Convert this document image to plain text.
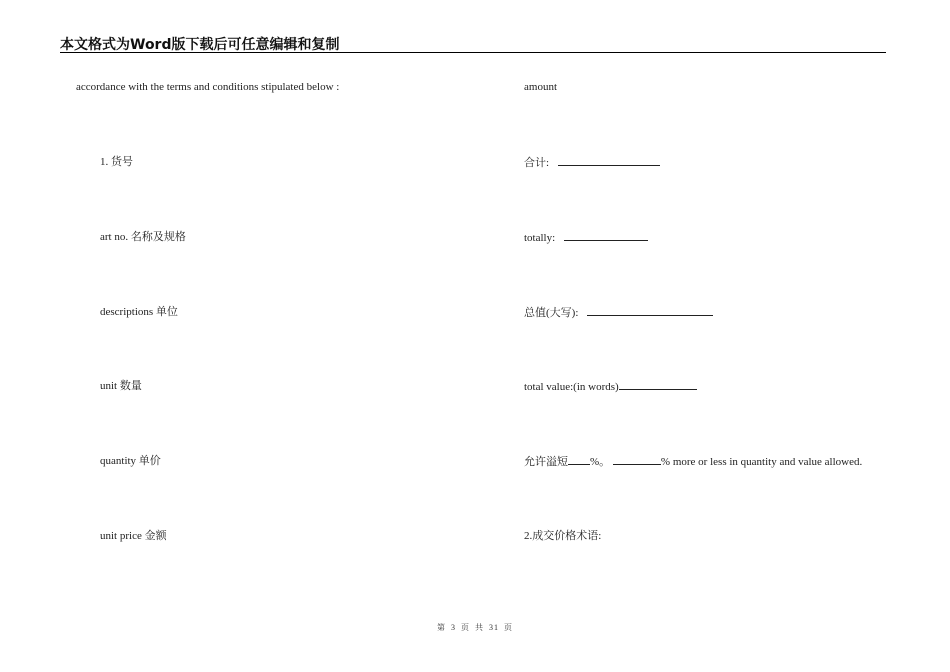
本文格式为Word版下载后可任意编辑和复制
accordance with the terms and conditions stipulated below :
1. 货号
art no. 名称及规格
descriptions 单位
unit 数量
quantity 单价
unit price 金额
amount
合计:
totally:
总值(大写):
total value:(in words)
允许溢短 %。	% more or less in quantity and value allowed.
2.成交价格术语:
第 3 页 共 31 页
